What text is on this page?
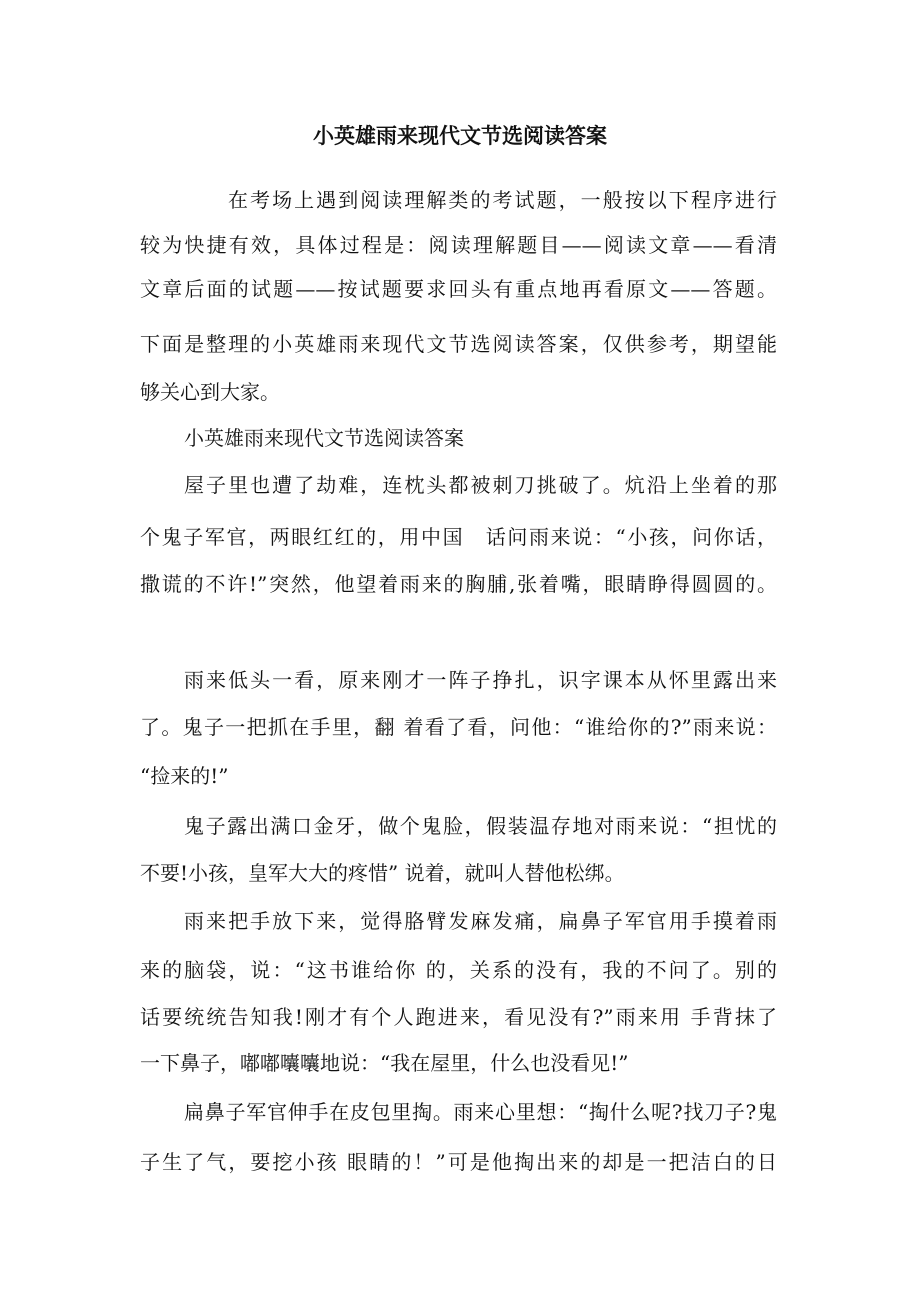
小英雄雨来现代文节选阅读答案
在考场上遇到阅读理解类的考试题，一般按以下程序进行
较为快捷有效，具体过程是：阅读理解题目——阅读文章——看清
文章后面的试题——按试题要求回头有重点地再看原文——答题。
下面是整理的小英雄雨来现代文节选阅读答案，仅供参考，期望能
够关心到大家。
小英雄雨来现代文节选阅读答案
屋子里也遭了劫难，连枕头都被刺刀挑破了。炕沿上坐着的那
个鬼子军官，两眼红红的，用中国　话问雨来说：“小孩，问你话，
撒谎的不许!”突然，他望着雨来的胸脯,张着嘴，眼睛睁得圆圆的。
雨来低头一看，原来刚才一阵子挣扎，识字课本从怀里露出来
了。鬼子一把抓在手里，翻 着看了看，问他：“谁给你的?”雨来说：
“捡来的!”
鬼子露出满口金牙，做个鬼脸，假装温存地对雨来说：“担忧的
不要!小孩，皇军大大的疼惜” 说着，就叫人替他松绑。
雨来把手放下来，觉得胳臂发麻发痛，扁鼻子军官用手摸着雨
来的脑袋，说：“这书谁给你 的，关系的没有，我的不问了。别的
话要统统告知我!刚才有个人跑进来，看见没有?”雨来用 手背抹了
一下鼻子，嘟嘟囔囔地说：“我在屋里，什么也没看见!”
扁鼻子军官伸手在皮包里掏。雨来心里想：“掏什么呢?找刀子?鬼
子生了气，要挖小孩 眼睛的！”可是他掏出来的却是一把洁白的日
